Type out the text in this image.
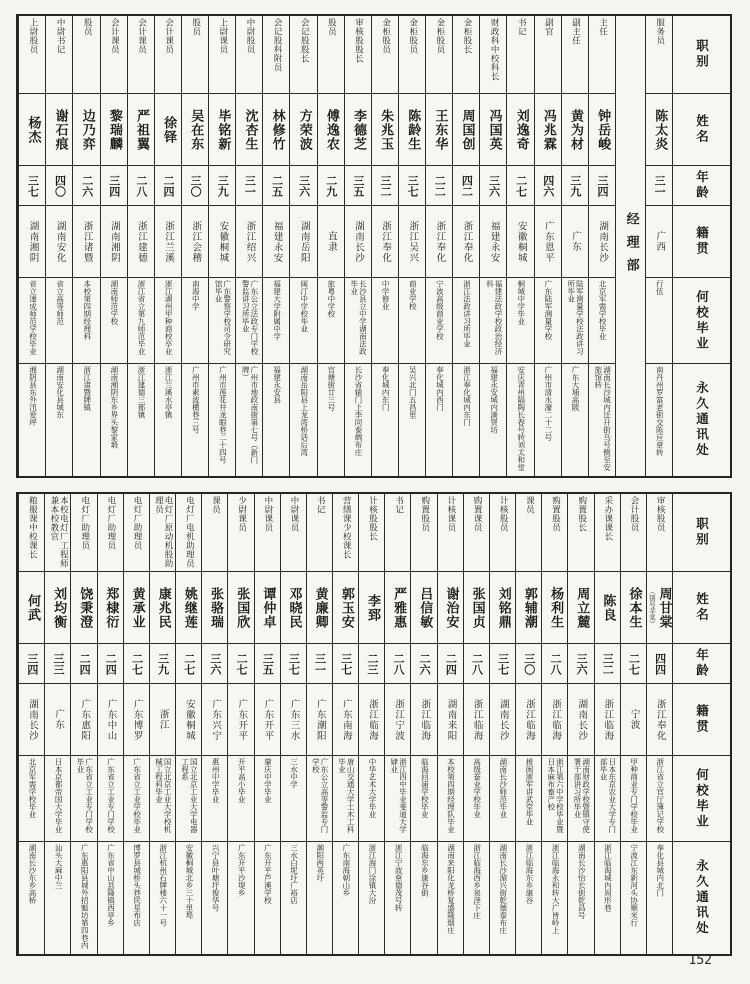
职别
姓名
年龄
籍贯
何校毕业
永久通讯处
服务员
陈太炎
三一
广西
行伍
南丹州罗富老街交陈应章转
经理部
主任
钟岳峻
三四
湖南长沙
北京军需学校毕业
湖南长沙城内迁升街乌号侧至安旅馆转
副主任
黄为材
三九
广东
陆军测量学校法政讲习所毕业
广东大埔高陂
副官
冯兆霖
四六
广东恩平
广东陆军测量学校
广州市清水濠二十二号
书记
刘逸奇
二七
安徽桐城
桐城中学毕业
安庆青州隔陶长春号转刘太和堂
财政科中校科长
冯国英
三六
福建永安
福建法政学校政治经济科
福建永安城内滴贤坊
金柜股长
周国创
四二
浙江奉化
浙江法政讲习所毕业
浙江奉化城内东门
金柜股员
王东华
二二
浙江奉化
宁波高级商业学校
奉化城内西门
金柜股员
陈龄生
三七
浙江吴兴
商业学校
吴兴北门五昌里
金柜股员
朱兆玉
三二
浙江奉化
中学修业
奉化城内东门
审核股股长
李德芝
三五
湖南长沙
长沙县立中学湖南法政毕业
长沙省辕门上李同泰绸布庄
股员
傅逸农
二九
直隶
旅粤中学校
官塘街廿三号
会记股股长
方荣波
三六
湖南岳阳
闽汀中学校毕业
湖南岳阳县上龙湾桥话后湾
会记股科附员
林修竹
二五
福建永安
福建大学附属中学
福建永安县
中尉股员
沈杏生
三一
浙江绍兴
广东公立法政专门学校警监讲习所毕业
广州市地政南街第七号（新门牌）
上尉课员
毕铭新
三九
安徽桐城
广东警察学校司令研究馆毕业
广州市莲花井龙眼巷二十四号
股员
吴在东
三〇
浙江会稽
南海中学
广州市素波横巷三号
会计课员
徐铎
二四
浙江兰溪
浙江湖州甲种商校卒业
浙江兰溪水亭镇
会计课员
严祖翼
二八
浙江建德
浙江省立第九师范毕业
浙江建德三都镇
会计课员
黎瑞麟
三四
湖南湘阴
湖南师范学校
湖南湘阴东乡界头黎家塅
股员
边乃弈
二六
浙江诸暨
本校第四期经理科
浙江诸暨牌镇
中尉书记
谢石痕
四〇
湖南安化
省立高等师范
湖南安化县城东
上尉股员
杨杰
三七
湖南湘阴
省立速成师范学校毕业
湘阴县东外汛爱坪
职别
姓名
年龄
籍贯
何校毕业
永久通讯处
审核股员
周甘棠
（别号莘棠）
四四
浙江奉化
浙江省立官厅簿记学校
奉化县城内北门
会计股员
徐本生
二七
宁波
甲种商业专门学校毕业
宁波江东新河头协顺米行
采办课课长
陈良
三二
浙江临海
日本东京农业大学专门部毕业
浙江临海城内周形巷
购置股长
周立麓
三六
湖南长沙
湖南财政学校暨镇守使署干部讲习所毕业
湖南长沙怡长街乾昌号
购置股员
杨利生
二八
浙江临海
浙江第六中学校毕业暨日本麻布畜产校
浙江临海永和转大广皆岭上
课员
郭辅潮
三〇
浙江临海
援闽浙军讲武堂毕业
浙江临海东乡康谷
计核股员
刘铭鼎
三七
湖南长沙
湖南长沙师范毕业
湖南长沙湄兴街乾德泰布庄
购置课员
张国贞
二八
浙江临海
高级蚕业学校毕业
浙江临海西乡泉泽下庄
计核课员
谢治安
二四
湖南来阳
本校第四期经理队毕业
湖南来阳化龙桥复盛隆烟庄
购置股员
吕信敏
二六
浙江临海
临海回浦学校毕业
临海东乡康谷街
书记
严雅惠
二八
浙江宁波
浙江四中毕业斐迪大学肄业
浙江宁波章德茂号转
计核股股长
李郅
二三
浙江临海
中华艺术大学毕业
浙江海门涂镇大汾
营缮课少校课长
郭玉安
三七
广东南海
唐山交通大学土木工科毕业
广东南海朝山乡
书记
黄廉卿
三一
广东潮阳
广东公立高等警监专门学校
潮阳两英圩
中尉课员
邓晓民
三七
广东三水
三水中学
三水白坭圩广裕店
中尉课员
谭仲卓
三五
广东开平
肇庆中学毕业
广东开平芦溪学校
少尉课员
张国欣
二七
广东开平
开平高小毕业
广东开平沙堤乡
课员
张骆瑞
三六
广东兴宁
惠州中学毕业
兴宁县叶塘圩俊华号
电灯厂电机助理员
姚继莲
二七
安徽桐城
国立北京工业大学电器工程系
安徽桐城北乡三十里埠
电灯厂原动机股助理员
康兆民
三九
浙江
国立北京工业大学校机械工程科毕业
浙江杭州石牌楼六十一号
电灯厂助理员
黄承业
二七
广东博罗
广东省立工业学校毕业
博罗县城桥头巷民星布店
电灯厂助理员
郑棣衍
二四
广东中山
广东省立工业专门学校
广东省中山县隆镇西亭乡
电灯厂助理员
饶秉澄
二四
广东惠阳
广东省立工业专门学校毕业
广东惠阳县城外招魁坊第四巷内
本校电灯厂工程师兼本校教官
刘均衡
三三
广东
日本京都帝国大学毕业
汕头大麻中兰
粮服课中校课长
何武
三四
湖南长沙
北京军需学校毕业
湖南长沙东乡高桥
152
